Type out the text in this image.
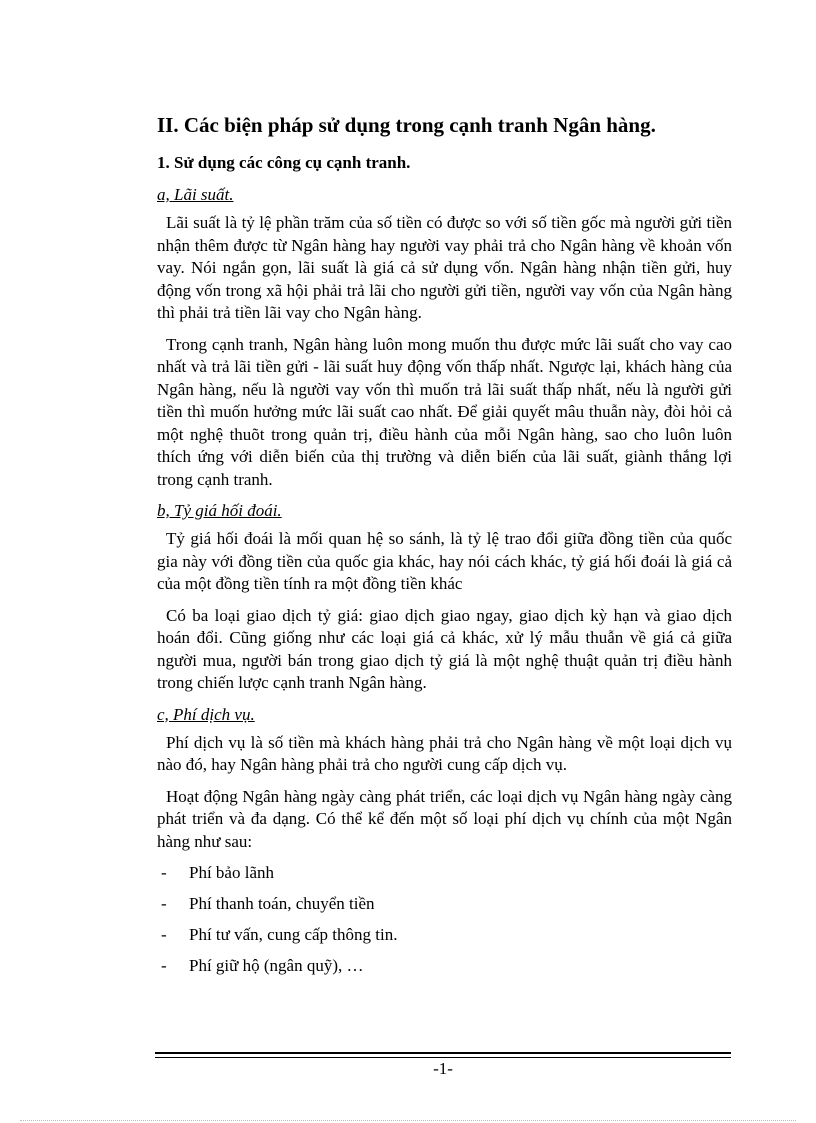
II. Các biện pháp sử dụng trong cạnh tranh Ngân hàng.
1. Sử dụng các công cụ cạnh tranh.
a, Lãi suất.

Lãi suất là tỷ lệ phần trăm của số tiền có được so với số tiền gốc mà người gửi tiền nhận thêm được từ Ngân hàng hay người vay phải trả cho Ngân hàng về khoản vốn vay. Nói ngắn gọn, lãi suất là giá cả sử dụng vốn. Ngân hàng nhận tiền gửi, huy động vốn trong xã hội phải trả lãi cho người gửi tiền, người vay vốn của Ngân hàng thì phải trả tiền lãi vay cho Ngân hàng.

Trong cạnh tranh, Ngân hàng luôn mong muốn thu được mức lãi suất cho vay cao nhất và trả lãi tiền gửi - lãi suất huy động vốn thấp nhất. Ngược lại, khách hàng của Ngân hàng, nếu là người vay vốn thì muốn trả lãi suất thấp nhất, nếu là người gửi tiền thì muốn hưởng mức lãi suất cao nhất. Để giải quyết mâu thuẫn này, đòi hỏi cả một nghệ thuõt trong quản trị, điều hành của mỗi Ngân hàng, sao cho luôn luôn thích ứng với diễn biến của thị trường và diễn biến của lãi suất, giành thắng lợi trong cạnh tranh.

b, Tỷ giá hối đoái.

Tỷ giá hối đoái là mối quan hệ so sánh, là tỷ lệ trao đổi giữa đồng tiền của quốc gia này với đồng tiền của quốc gia khác, hay nói cách khác, tỷ giá hối đoái là giá cả của một đồng tiền tính ra một đồng tiền khác

Có ba loại giao dịch tỷ giá: giao dịch giao ngay, giao dịch kỳ hạn và giao dịch hoán đổi. Cũng giống như các loại giá cả khác, xử lý mẫu thuẫn về giá cả giữa người mua, người bán trong giao dịch tỷ giá là một nghệ thuật quản trị điều hành trong chiến lược cạnh tranh Ngân hàng.

c, Phí dịch vụ.

Phí dịch vụ là số tiền mà khách hàng phải trả cho Ngân hàng về một loại dịch vụ nào đó, hay Ngân hàng phải trả cho người cung cấp dịch vụ.

Hoạt động Ngân hàng ngày càng phát triển, các loại dịch vụ Ngân hàng ngày càng phát triển và đa dạng. Có thể kể đến một số loại phí dịch vụ chính của một Ngân hàng như sau:

-	Phí bảo lãnh
-	Phí thanh toán, chuyển tiền
-	Phí tư vấn, cung cấp thông tin.
-	Phí giữ hộ (ngân quỹ), …
-1-
